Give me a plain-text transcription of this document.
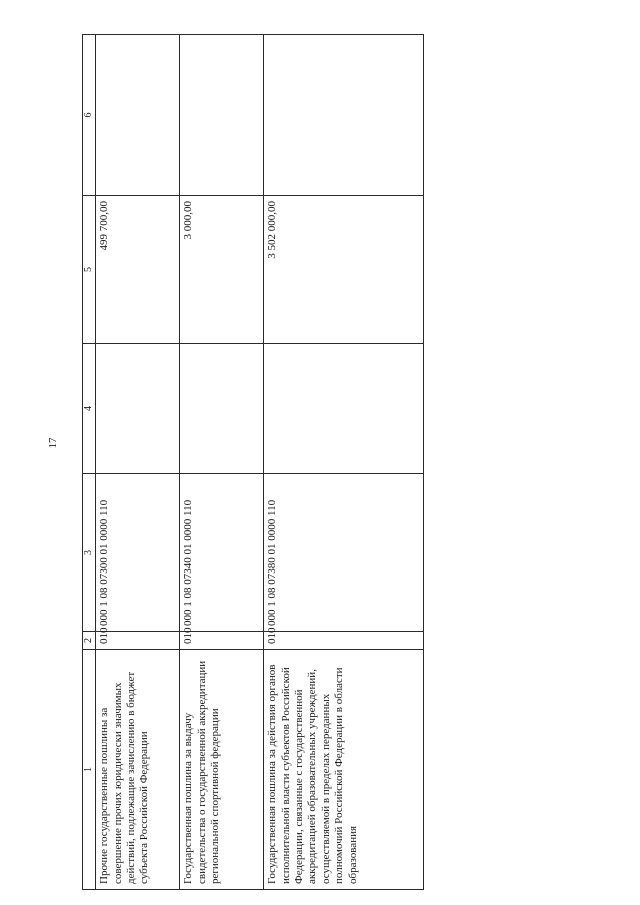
17
1	2	3	4	5	6
Прочие государственные пошлины за совершение прочих юридически значимых действий, подлежащие зачислению в бюджет субъекта Российской Федерации	010	000 1 08 07300 01 0000 110		499 700,00	
Государственная пошлина за выдачу свидетельства о государственной аккредитации региональной спортивной федерации	010	000 1 08 07340 01 0000 110		3 000,00	
Государственная пошлина за действия органов исполнительной власти субъектов Российской Федерации, связанные с государственной аккредитацией образовательных учреждений, осуществляемой в пределах переданных полномочий Российской Федерации в области образования	010	000 1 08 07380 01 0000 110		3 502 000,00	
